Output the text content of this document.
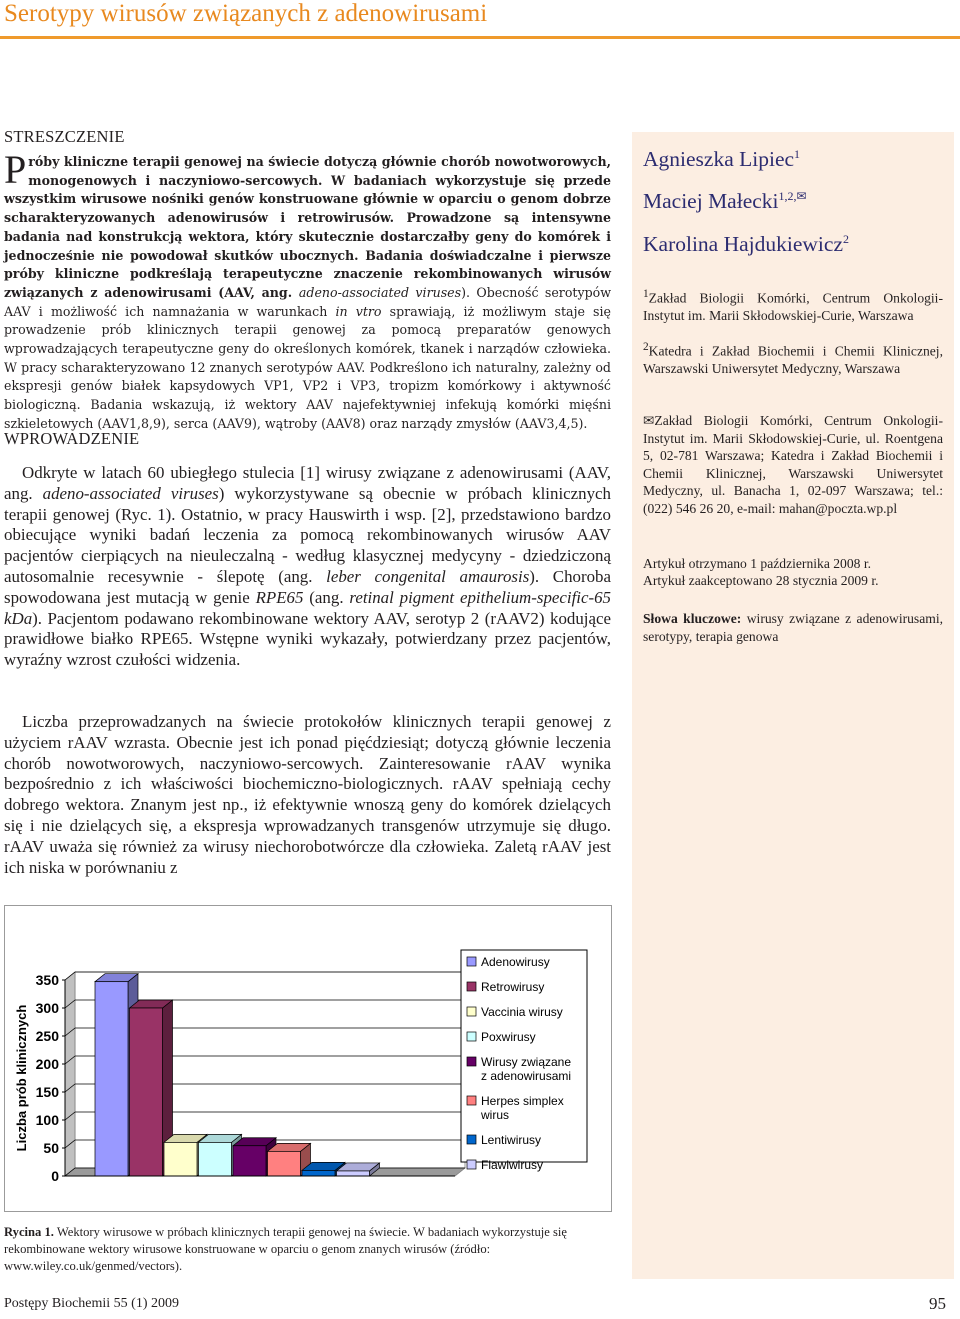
Serotypy wirusów związanych z adenowirusami
STRESZCZENIE

Próby kliniczne terapii genowej na świecie dotyczą głównie chorób nowotworowych, monogenowych i naczyniowo-sercowych. W badaniach wykorzystuje się przede wszystkim wirusowe nośniki genów konstruowane głównie w oparciu o genom dobrze scharakteryzowanych adenowirusów i retrowirusów. Prowadzone są intensywne badania nad konstrukcją wektora, który skutecznie dostarczałby geny do komórek i jednocześnie nie powodował skutków ubocznych. Badania doświadczalne i pierwsze próby kliniczne podkreślają terapeutyczne znaczenie rekombinowanych wirusów związanych z adenowirusami (AAV, ang. adeno-associated viruses). Obecność serotypów AAV i możliwość ich namnażania w warunkach in vtro sprawiają, iż możliwym staje się prowadzenie prób klinicznych terapii genowej za pomocą preparatów genowych wprowadzających terapeutyczne geny do określonych komórek, tkanek i narządów człowieka. W pracy scharakteryzowano 12 znanych serotypów AAV. Podkreślono ich naturalny, zależny od ekspresji genów białek kapsydowych VP1, VP2 i VP3, tropizm komórkowy i aktywność biologiczną. Badania wskazują, iż wektory AAV najefektywniej infekują komórki mięśni szkieletowych (AAV1,8,9), serca (AAV9), wątroby (AAV8) oraz narządy zmysłów (AAV3,4,5).

WPROWADZENIE

Odkryte w latach 60 ubiegłego stulecia [1] wirusy związane z adenowirusami (AAV, ang. adeno-associated viruses) wykorzystywane są obecnie w próbach klinicznych terapii genowej (Ryc. 1). Ostatnio, w pracy Hauswirth i wsp. [2], przedstawiono bardzo obiecujące wyniki badań leczenia za pomocą rekombinowanych wirusów AAV pacjentów cierpiących na nieuleczalną - według klasycznej medycyny - dziedziczoną autosomalnie recesywnie - ślepotę (ang. leber congenital amaurosis). Choroba spowodowana jest mutacją w genie RPE65 (ang. retinal pigment epithelium-specific-65 kDa). Pacjentom podawano rekombinowane wektory AAV, serotyp 2 (rAAV2) kodujące prawidłowe białko RPE65. Wstępne wyniki wykazały, potwierdzany przez pacjentów, wyraźny wzrost czułości widzenia.

Liczba przeprowadzanych na świecie protokołów klinicznych terapii genowej z użyciem rAAV wzrasta. Obecnie jest ich ponad pięćdziesiąt; dotyczą głównie leczenia chorób nowotworowych, naczyniowo-sercowych. Zainteresowanie rAAV wynika bezpośrednio z ich właściwości biochemiczno-biologicznych. rAAV spełniają cechy dobrego wektora. Znanym jest np., iż efektywnie wnoszą geny do komórek dzielących się i nie dzielących się, a ekspresja wprowadzanych transgenów utrzymuje się długo. rAAV uważa się również za wirusy niechorobotwórcze dla człowieka. Zaletą rAAV jest ich niska w porównaniu z

Agnieszka Lipiec$^1$
Maciej Małecki$^{1,2,✉}$
Karolina Hajdukiewicz$^2$

$^1$Zakład Biologii Komórki, Centrum Onkologii-Instytut im. Marii Skłodowskiej-Curie, Warszawa

$^2$Katedra i Zakład Biochemii i Chemii Klinicznej, Warszawski Uniwersytet Medyczny, Warszawa

✉Zakład Biologii Komórki, Centrum Onkologii-Instytut im. Marii Skłodowskiej-Curie, ul. Roentgena 5, 02-781 Warszawa; Katedra i Zakład Biochemii i Chemii Klinicznej, Warszawski Uniwersytet Medyczny, ul. Banacha 1, 02-097 Warszawa; tel.: (022) 546 26 20, e-mail: mahan@poczta.wp.pl

Artykuł otrzymano 1 października 2008 r.

Artykuł zaakceptowano 28 stycznia 2009 r.

Słowa kluczowe: wirusy związane z adenowirusami, serotypy, terapia genowa

0
50
100
150
200
250
300
350
Liczba prób klinicznych
Adenowirusy
Retrowirusy
Vaccinia wirusy
Poxwirusy
Wirusy związane
z adenowirusami
Herpes simplex
wirus
Lentiwirusy
Flawiwirusy

Rycina 1. Wektory wirusowe w próbach klinicznych terapii genowej na świecie. W badaniach wykorzystuje się rekombinowane wektory wirusowe konstruowane w oparciu o genom znanych wirusów (źródło: www.wiley.co.uk/genmed/vectors).

Postępy Biochemii 55 (1) 2009	95
